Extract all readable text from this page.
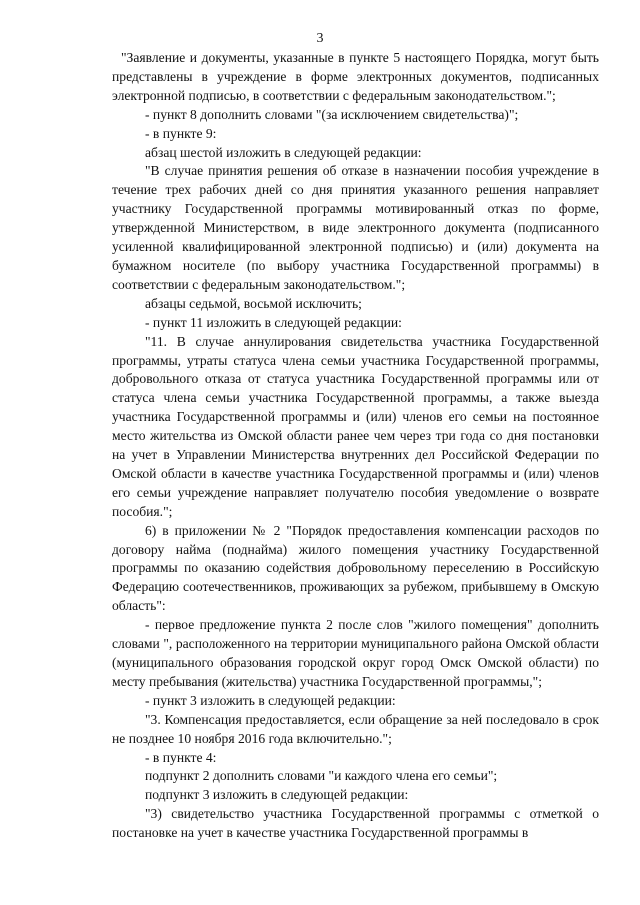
3

"Заявление и документы, указанные в пункте 5 настоящего Порядка, могут быть представлены в учреждение в форме электронных документов, подписанных электронной подписью, в соответствии с федеральным законодательством.";

- пункт 8 дополнить словами "(за исключением свидетельства)";

- в пункте 9:

абзац шестой изложить в следующей редакции:

"В случае принятия решения об отказе в назначении пособия учреждение в течение трех рабочих дней со дня принятия указанного решения направляет участнику Государственной программы мотивированный отказ по форме, утвержденной Министерством, в виде электронного документа (подписанного усиленной квалифицированной электронной подписью) и (или) документа на бумажном носителе (по выбору участника Государственной программы) в соответствии с федеральным законодательством.";

абзацы седьмой, восьмой исключить;

- пункт 11 изложить в следующей редакции:

"11. В случае аннулирования свидетельства участника Государственной программы, утраты статуса члена семьи участника Государственной программы, добровольного отказа от статуса участника Государственной программы или от статуса члена семьи участника Государственной программы, а также выезда участника Государственной программы и (или) членов его семьи на постоянное место жительства из Омской области ранее чем через три года со дня постановки на учет в Управлении Министерства внутренних дел Российской Федерации по Омской области в качестве участника Государственной программы и (или) членов его семьи учреждение направляет получателю пособия уведомление о возврате пособия.";

6) в приложении № 2 "Порядок предоставления компенсации расходов по договору найма (поднайма) жилого помещения участнику Государственной программы по оказанию содействия добровольному переселению в Российскую Федерацию соотечественников, проживающих за рубежом, прибывшему в Омскую область":

- первое предложение пункта 2 после слов "жилого помещения" дополнить словами ", расположенного на территории муниципального района Омской области (муниципального образования городской округ город Омск Омской области) по месту пребывания (жительства) участника Государственной программы,";

- пункт 3 изложить в следующей редакции:

"3. Компенсация предоставляется, если обращение за ней последовало в срок не позднее 10 ноября 2016 года включительно.";

- в пункте 4:

подпункт 2 дополнить словами "и каждого члена его семьи";

подпункт 3 изложить в следующей редакции:

"3) свидетельство участника Государственной программы с отметкой о постановке на учет в качестве участника Государственной программы в
